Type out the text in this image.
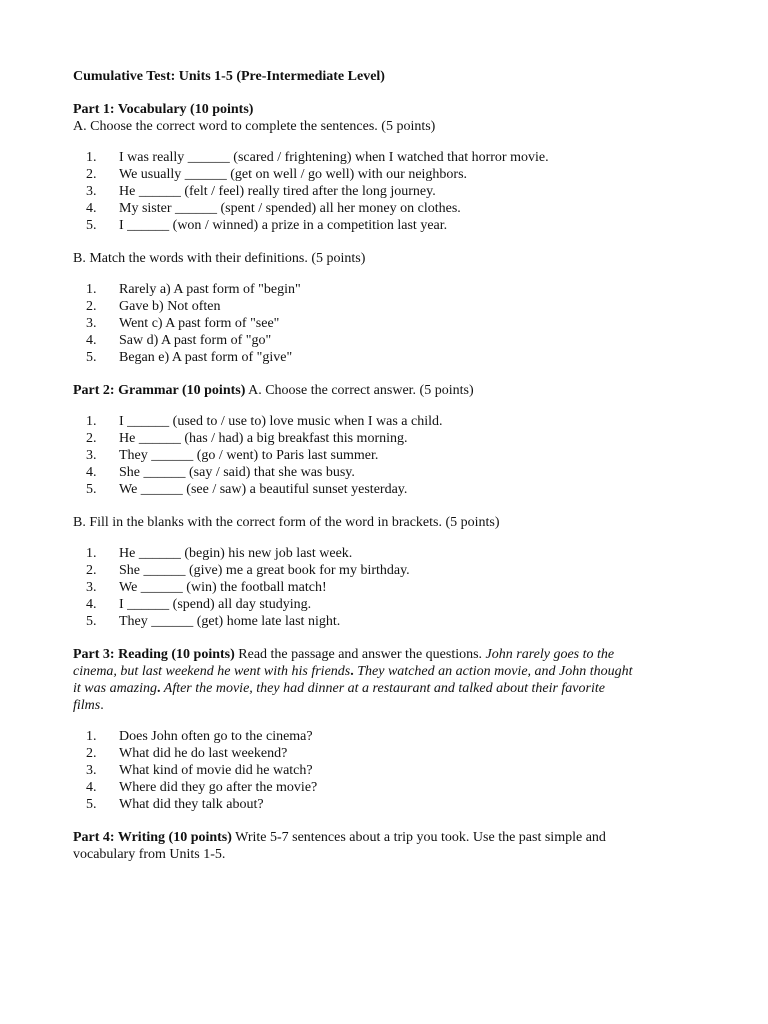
Cumulative Test: Units 1-5 (Pre-Intermediate Level)
Part 1: Vocabulary (10 points)
A. Choose the correct word to complete the sentences. (5 points)
1.	I was really ______ (scared / frightening) when I watched that horror movie.
2.	We usually ______ (get on well / go well) with our neighbors.
3.	He ______ (felt / feel) really tired after the long journey.
4.	My sister ______ (spent / spended) all her money on clothes.
5.	I ______ (won / winned) a prize in a competition last year.
B. Match the words with their definitions. (5 points)
1.	Rarely a) A past form of "begin"
2.	Gave b) Not often
3.	Went c) A past form of "see"
4.	Saw d) A past form of "go"
5.	Began e) A past form of "give"
Part 2: Grammar (10 points) A. Choose the correct answer. (5 points)
1.	I ______ (used to / use to) love music when I was a child.
2.	He ______ (has / had) a big breakfast this morning.
3.	They ______ (go / went) to Paris last summer.
4.	She ______ (say / said) that she was busy.
5.	We ______ (see / saw) a beautiful sunset yesterday.
B. Fill in the blanks with the correct form of the word in brackets. (5 points)
1.	He ______ (begin) his new job last week.
2.	She ______ (give) me a great book for my birthday.
3.	We ______ (win) the football match!
4.	I ______ (spend) all day studying.
5.	They ______ (get) home late last night.
Part 3: Reading (10 points) Read the passage and answer the questions. John rarely goes to the
cinema, but last weekend he went with his friends. They watched an action movie, and John thought
it was amazing. After the movie, they had dinner at a restaurant and talked about their favorite
films.
1.	Does John often go to the cinema?
2.	What did he do last weekend?
3.	What kind of movie did he watch?
4.	Where did they go after the movie?
5.	What did they talk about?
Part 4: Writing (10 points) Write 5-7 sentences about a trip you took. Use the past simple and
vocabulary from Units 1-5.
